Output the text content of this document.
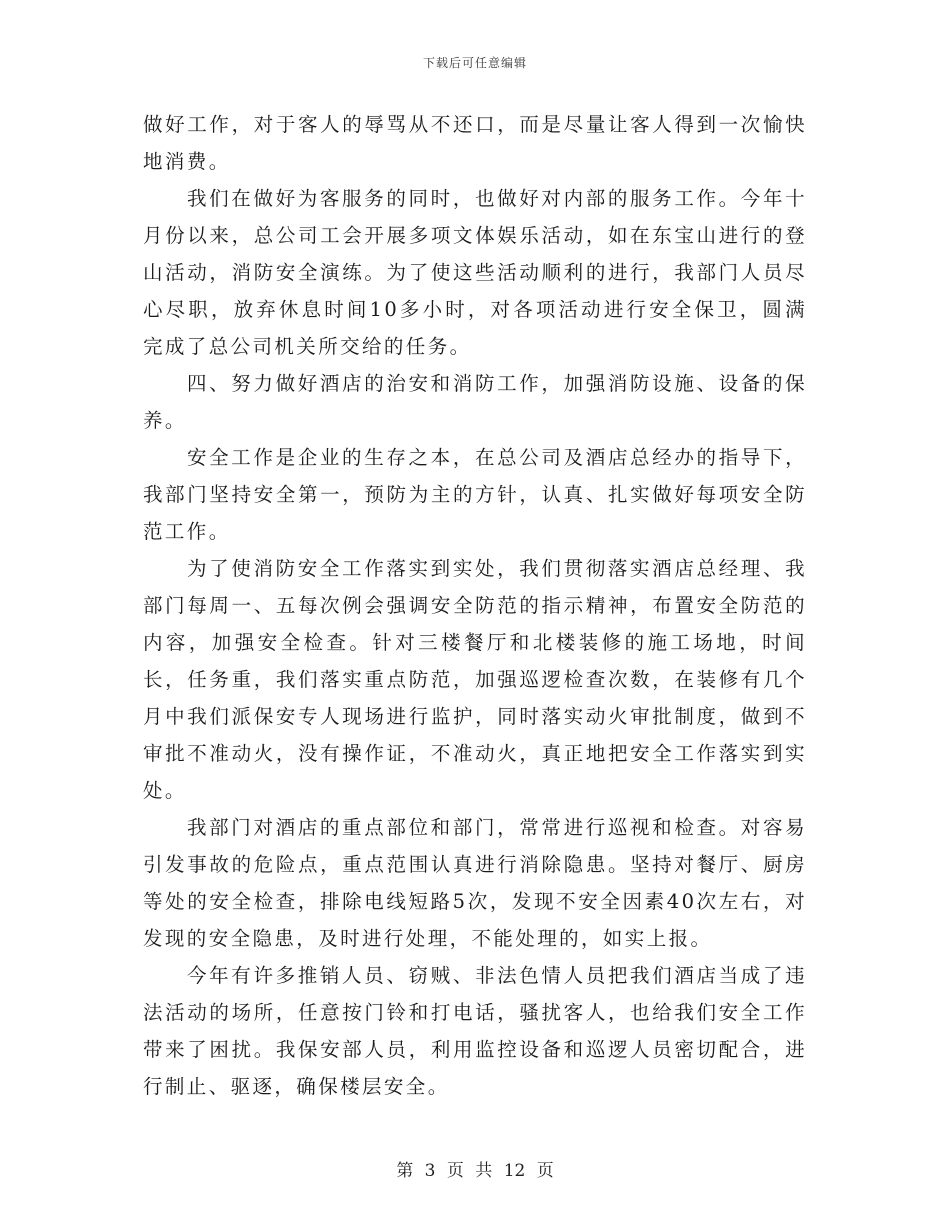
下载后可任意编辑

做好工作，对于客人的辱骂从不还口，而是尽量让客人得到一次愉快地消费。

我们在做好为客服务的同时，也做好对内部的服务工作。今年十月份以来，总公司工会开展多项文体娱乐活动，如在东宝山进行的登山活动，消防安全演练。为了使这些活动顺利的进行，我部门人员尽心尽职，放弃休息时间10多小时，对各项活动进行安全保卫，圆满完成了总公司机关所交给的任务。

四、努力做好酒店的治安和消防工作，加强消防设施、设备的保养。

安全工作是企业的生存之本，在总公司及酒店总经办的指导下，我部门坚持安全第一，预防为主的方针，认真、扎实做好每项安全防范工作。

为了使消防安全工作落实到实处，我们贯彻落实酒店总经理、我部门每周一、五每次例会强调安全防范的指示精神，布置安全防范的内容，加强安全检查。针对三楼餐厅和北楼装修的施工场地，时间长，任务重，我们落实重点防范，加强巡逻检查次数，在装修有几个月中我们派保安专人现场进行监护，同时落实动火审批制度，做到不审批不准动火，没有操作证，不准动火，真正地把安全工作落实到实处。

我部门对酒店的重点部位和部门，常常进行巡视和检查。对容易引发事故的危险点，重点范围认真进行消除隐患。坚持对餐厅、厨房等处的安全检查，排除电线短路5次，发现不安全因素40次左右，对发现的安全隐患，及时进行处理，不能处理的，如实上报。

今年有许多推销人员、窃贼、非法色情人员把我们酒店当成了违法活动的场所，任意按门铃和打电话，骚扰客人，也给我们安全工作带来了困扰。我保安部人员，利用监控设备和巡逻人员密切配合，进行制止、驱逐，确保楼层安全。

第 3 页 共 12 页
